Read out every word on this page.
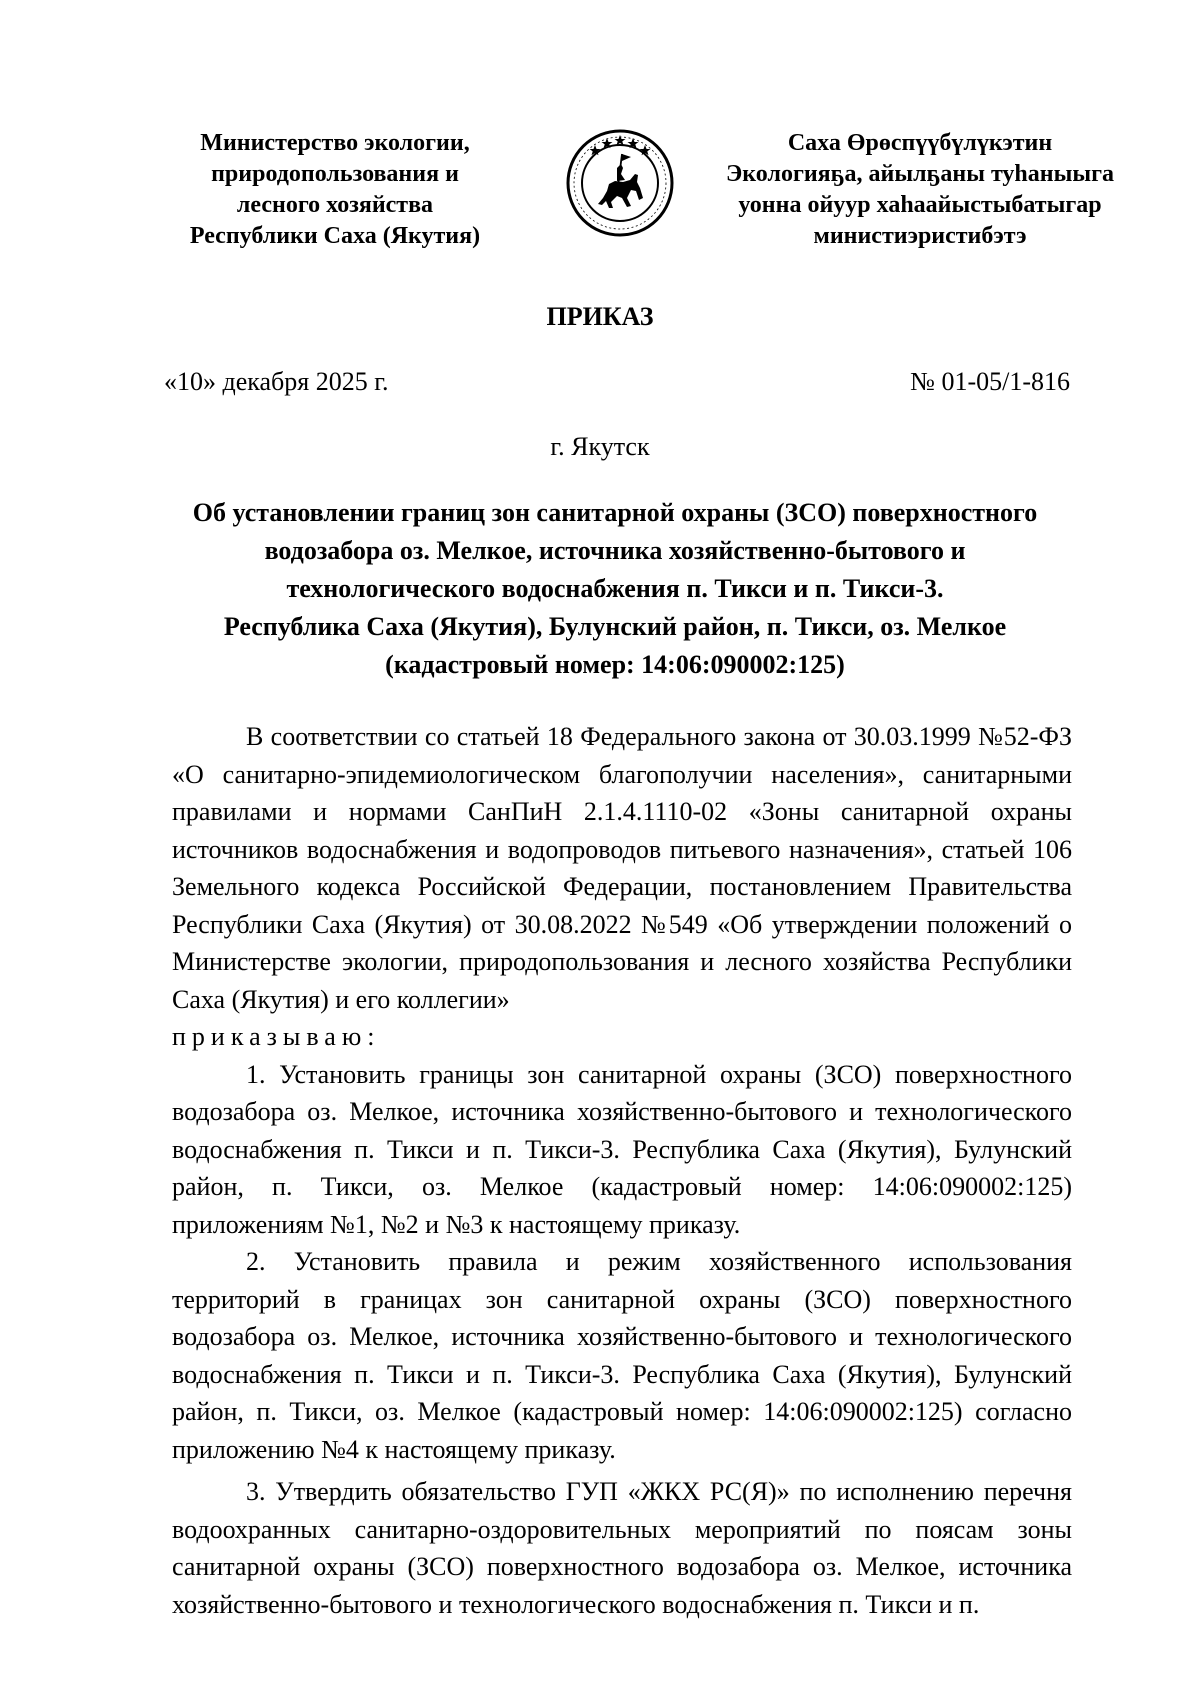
Министерство экологии,
природопользования и
лесного хозяйства
Республики Саха (Якутия)
Саха Өрөспүүбүлүкэтин
Экологияҕа, айылҕаны туһаныыга
уонна ойуур хаһаайыстыбатыгар
министиэристибэтэ
ПРИКАЗ
«10» декабря 2025 г.	№ 01-05/1-816
г. Якутск
Об установлении границ зон санитарной охраны (ЗСО) поверхностного
водозабора оз. Мелкое, источника хозяйственно-бытового и
технологического водоснабжения п. Тикси и п. Тикси-3.
Республика Саха (Якутия), Булунский район, п. Тикси, оз. Мелкое
(кадастровый номер: 14:06:090002:125)

В соответствии со статьей 18 Федерального закона от 30.03.1999 №52-ФЗ «О санитарно-эпидемиологическом благополучии населения», санитарными правилами и нормами СанПиН 2.1.4.1110-02 «Зоны санитарной охраны источников водоснабжения и водопроводов питьевого назначения», статьей 106 Земельного кодекса Российской Федерации, постановлением Правительства Республики Саха (Якутия) от 30.08.2022 №549 «Об утверждении положений о Министерстве экологии, природопользования и лесного хозяйства Республики Саха (Якутия) и его коллегии»

приказываю:

1. Установить границы зон санитарной охраны (ЗСО) поверхностного водозабора оз. Мелкое, источника хозяйственно-бытового и технологического водоснабжения п. Тикси и п. Тикси-3. Республика Саха (Якутия), Булунский район, п. Тикси, оз. Мелкое (кадастровый номер: 14:06:090002:125) приложениям №1, №2 и №3 к настоящему приказу.

2. Установить правила и режим хозяйственного использования территорий в границах зон санитарной охраны (ЗСО) поверхностного водозабора оз. Мелкое, источника хозяйственно-бытового и технологического водоснабжения п. Тикси и п. Тикси-3. Республика Саха (Якутия), Булунский район, п. Тикси, оз. Мелкое (кадастровый номер: 14:06:090002:125) согласно приложению №4 к настоящему приказу.

3. Утвердить обязательство ГУП «ЖКХ РС(Я)» по исполнению перечня водоохранных санитарно-оздоровительных мероприятий по поясам зоны санитарной охраны (ЗСО) поверхностного водозабора оз. Мелкое, источника хозяйственно-бытового и технологического водоснабжения п. Тикси и п.
